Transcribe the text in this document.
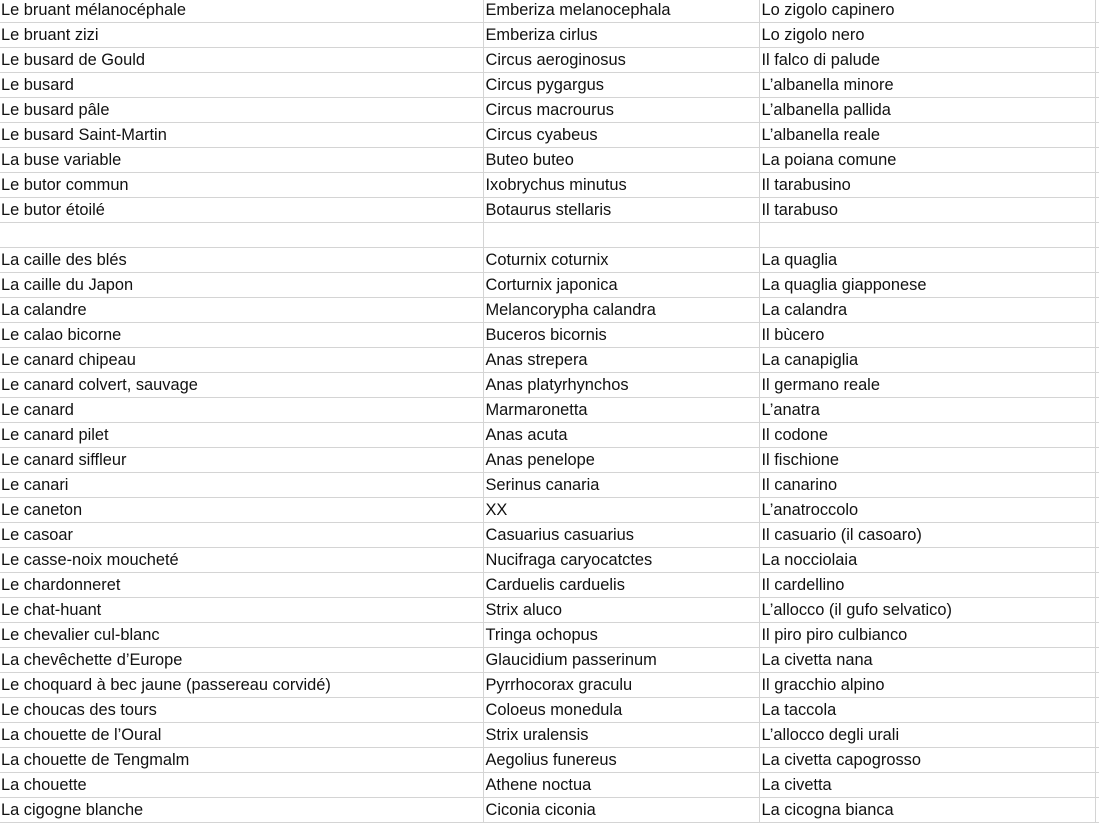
Le bruant mélanocéphale	Emberiza melanocephala	Lo zigolo capinero	
Le bruant zizi	Emberiza cirlus	Lo zigolo nero	
Le busard de Gould	Circus aeroginosus	Il falco di palude	
Le busard	Circus pygargus	L’albanella minore	
Le busard pâle	Circus macrourus	L’albanella pallida	
Le busard Saint-Martin	Circus cyabeus	L’albanella reale	
La buse variable	Buteo buteo	La poiana comune	
Le butor commun	Ixobrychus minutus	Il tarabusino	
Le butor étoilé	Botaurus stellaris	Il tarabuso	

La caille des blés	Coturnix coturnix	La quaglia	
La caille du Japon	Corturnix japonica	La quaglia giapponese	
La calandre	Melancorypha calandra	La calandra	
Le calao bicorne	Buceros bicornis	Il bùcero	
Le canard chipeau	Anas strepera	La canapiglia	
Le canard colvert, sauvage	Anas platyrhynchos	Il germano reale	
Le canard	Marmaronetta	L’anatra	
Le canard pilet	Anas acuta	Il codone	
Le canard siffleur	Anas penelope	Il fischione	
Le canari	Serinus canaria	Il canarino	
Le caneton	XX	L’anatroccolo	
Le casoar	Casuarius casuarius	Il casuario (il casoaro)	
Le casse-noix moucheté	Nucifraga caryocatctes	La nocciolaia	
Le chardonneret	Carduelis carduelis	Il cardellino	
Le chat-huant	Strix aluco	L’allocco (il gufo selvatico)	
Le chevalier cul-blanc	Tringa ochopus	Il piro piro culbianco	
La chevêchette d’Europe	Glaucidium passerinum	La civetta nana	
Le choquard à bec jaune (passereau corvidé)	Pyrrhocorax graculu	Il gracchio alpino	
Le choucas des tours	Coloeus monedula	La taccola	
La chouette de l’Oural	Strix uralensis	L’allocco degli urali	
La chouette de Tengmalm	Aegolius funereus	La civetta capogrosso	
La chouette	Athene noctua	La civetta	
La cigogne blanche	Ciconia ciconia	La cicogna bianca	
